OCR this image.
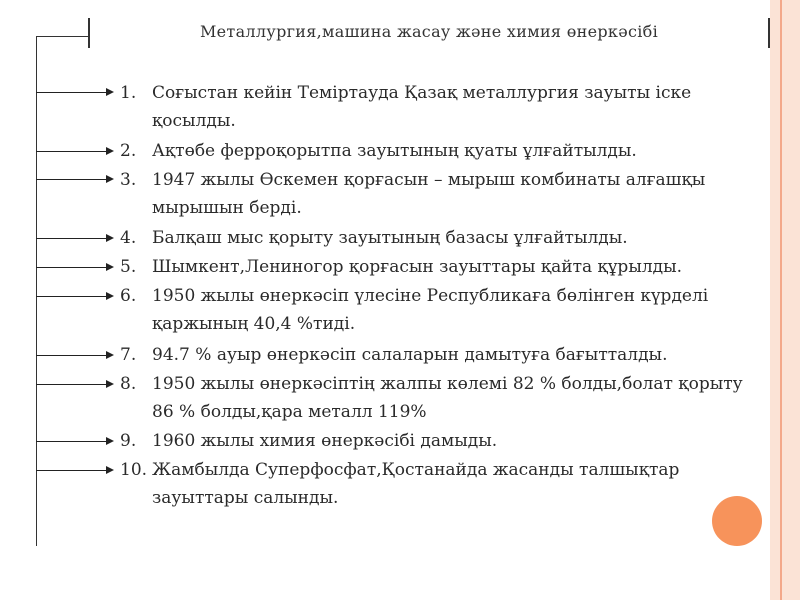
Металлургия,машина жасау және химия өнеркәсібі
1. Соғыстан кейін Теміртауда Қазақ металлургия зауыты іске
қосылды.
2. Ақтөбе феррoқорытпа зауытының қуаты ұлғайтылды.
3. 1947 жылы Өскемен қорғасын – мырыш комбинаты алғашқы
мырышын берді.
4. Балқаш мыс қорыту зауытының базасы ұлғайтылды.
5. Шымкент,Лениногор қорғасын зауыттары қайта құрылды.
6. 1950 жылы өнеркәсіп үлесіне Республикаға бөлінген күрделі
қаржының 40,4 %тиді.
7. 94.7 % ауыр өнеркәсіп салаларын дамытуға бағытталды.
8. 1950 жылы өнеркәсіптің жалпы көлемі 82 % болды,болат қорыту
86 % болды,қара металл 119%
9. 1960 жылы химия өнеркәсібі дамыды.
10. Жамбылда Суперфосфат,Қостанайда жасанды талшықтар
зауыттары салынды.
